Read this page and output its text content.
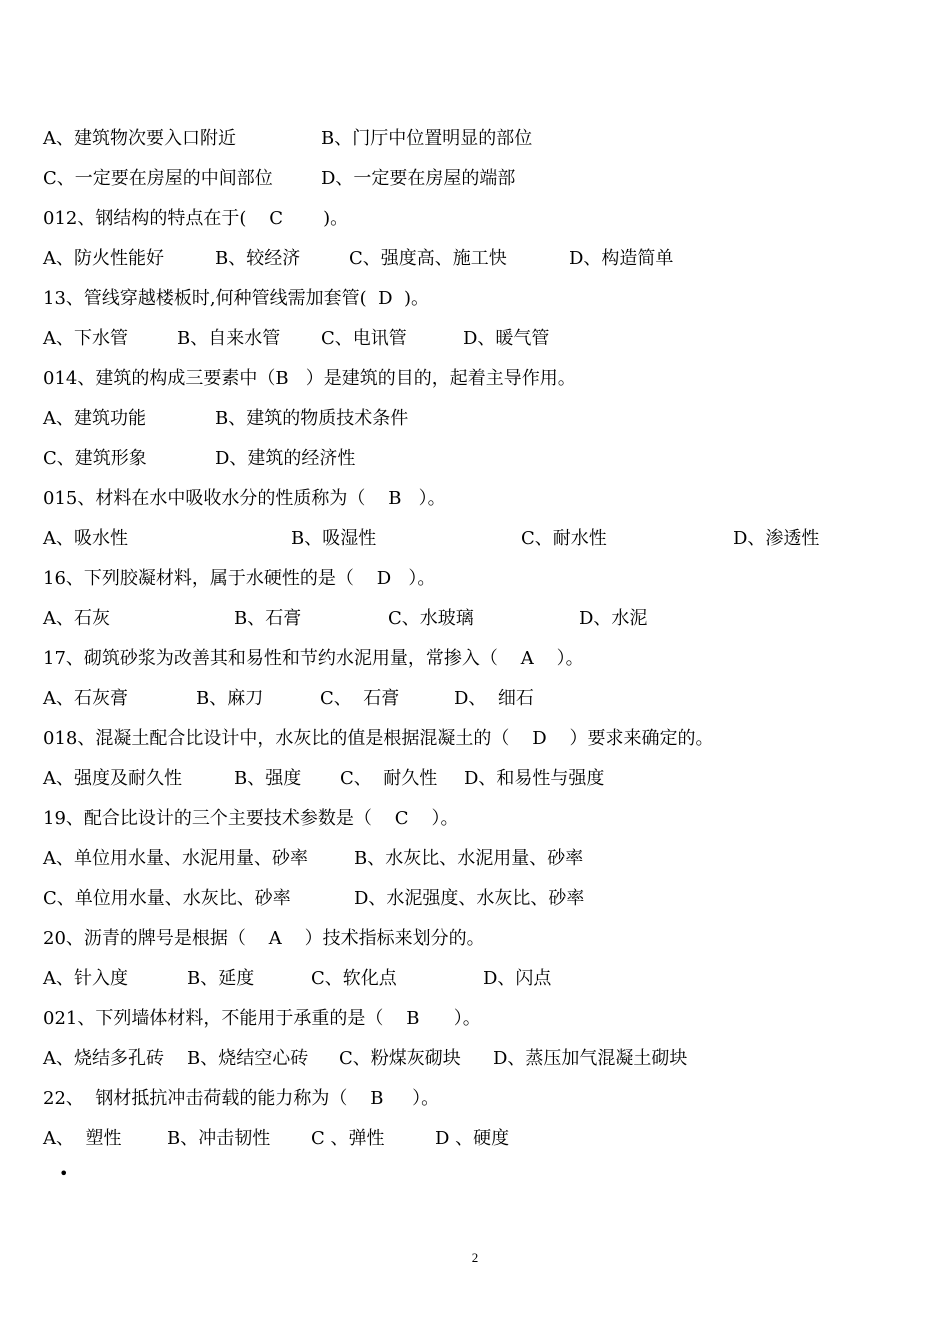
A、建筑物次要入口附近	B、门厅中位置明显的部位
C、一定要在房屋的中间部位	D、一定要在房屋的端部
012、钢结构的特点在于(    C       )。
A、防火性能好	B、较经济	C、强度高、施工快	D、构造简单
13、管线穿越楼板时,何种管线需加套管(  D  )。
A、下水管	B、自来水管 C、电讯管	D、暖气管
014、建筑的构成三要素中（B   ）是建筑的目的，起着主导作用。
A、建筑功能	B、建筑的物质技术条件
C、建筑形象	D、建筑的经济性
015、材料在水中吸收水分的性质称为（    B   ）。
A、吸水性	B、吸湿性	C、耐水性	D、渗透性
16、下列胶凝材料，属于水硬性的是（    D   ）。
A、石灰	B、石膏	C、水玻璃	D、水泥
17、砌筑砂浆为改善其和易性和节约水泥用量，常掺入（    A    ）。
A、石灰膏	B、麻刀	C、  石膏	D、  细石
018、混凝土配合比设计中，水灰比的值是根据混凝土的（    D    ）要求来确定的。
A、强度及耐久性	B、强度 C、  耐久性 D、和易性与强度
19、配合比设计的三个主要技术参数是（    C    ）。
A、单位用水量、水泥用量、砂率	B、水灰比、水泥用量、砂率
C、单位用水量、水灰比、砂率	D、水泥强度、水灰比、砂率
20、沥青的牌号是根据（    A    ）技术指标来划分的。
A、针入度	B、延度	C、软化点	D、闪点
021、下列墙体材料，不能用于承重的是（    B      ）。
A、烧结多孔砖 B、烧结空心砖 C、粉煤灰砌块 D、蒸压加气混凝土砌块
22、  钢材抵抗冲击荷载的能力称为（    B     ）。
A、  塑性	B、冲击韧性 C 、弹性	D 、硬度
•
2
